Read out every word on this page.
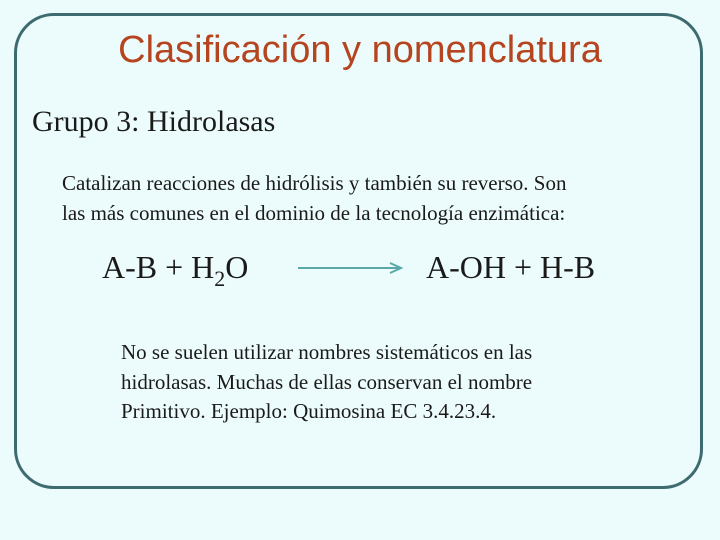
Clasificación y nomenclatura
Grupo 3: Hidrolasas
Catalizan reacciones de hidrólisis y también su reverso. Son
las más comunes en el dominio de la tecnología enzimática:
$A-B + H_2O$	A-OH + H-B
No se suelen utilizar nombres sistemáticos en las
hidrolasas. Muchas de ellas conservan el nombre
Primitivo. Ejemplo: Quimosina EC 3.4.23.4.
